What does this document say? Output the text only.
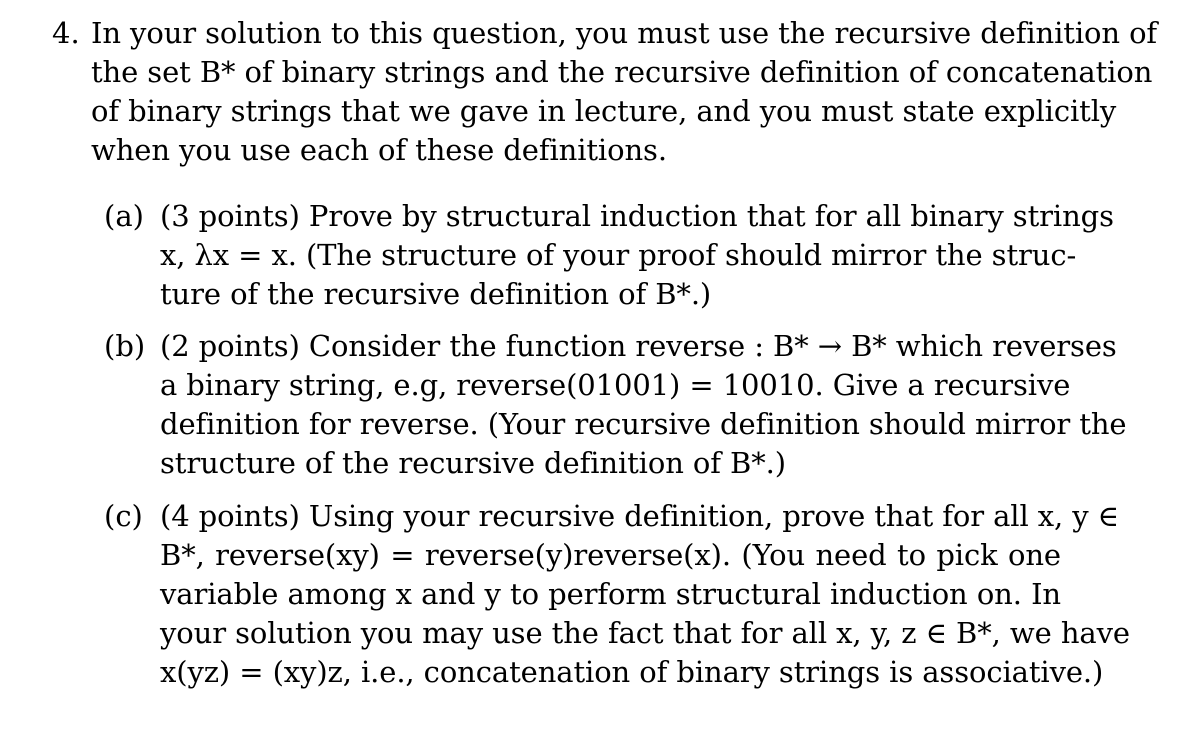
4. In your solution to this question, you must use the recursive definition of
the set B* of binary strings and the recursive definition of concatenation
of binary strings that we gave in lecture, and you must state explicitly
when you use each of these definitions.
(a) (3 points) Prove by structural induction that for all binary strings
x, λx = x. (The structure of your proof should mirror the struc-
ture of the recursive definition of B*.)
(b) (2 points) Consider the function reverse : B* → B* which reverses
a binary string, e.g, reverse(01001) = 10010. Give a recursive
definition for reverse. (Your recursive definition should mirror the
structure of the recursive definition of B*.)
(c) (4 points) Using your recursive definition, prove that for all x, y ∈
B*, reverse(xy) = reverse(y)reverse(x). (You need to pick one
variable among x and y to perform structural induction on. In
your solution you may use the fact that for all x, y, z ∈ B*, we have
x(yz) = (xy)z, i.e., concatenation of binary strings is associative.)
